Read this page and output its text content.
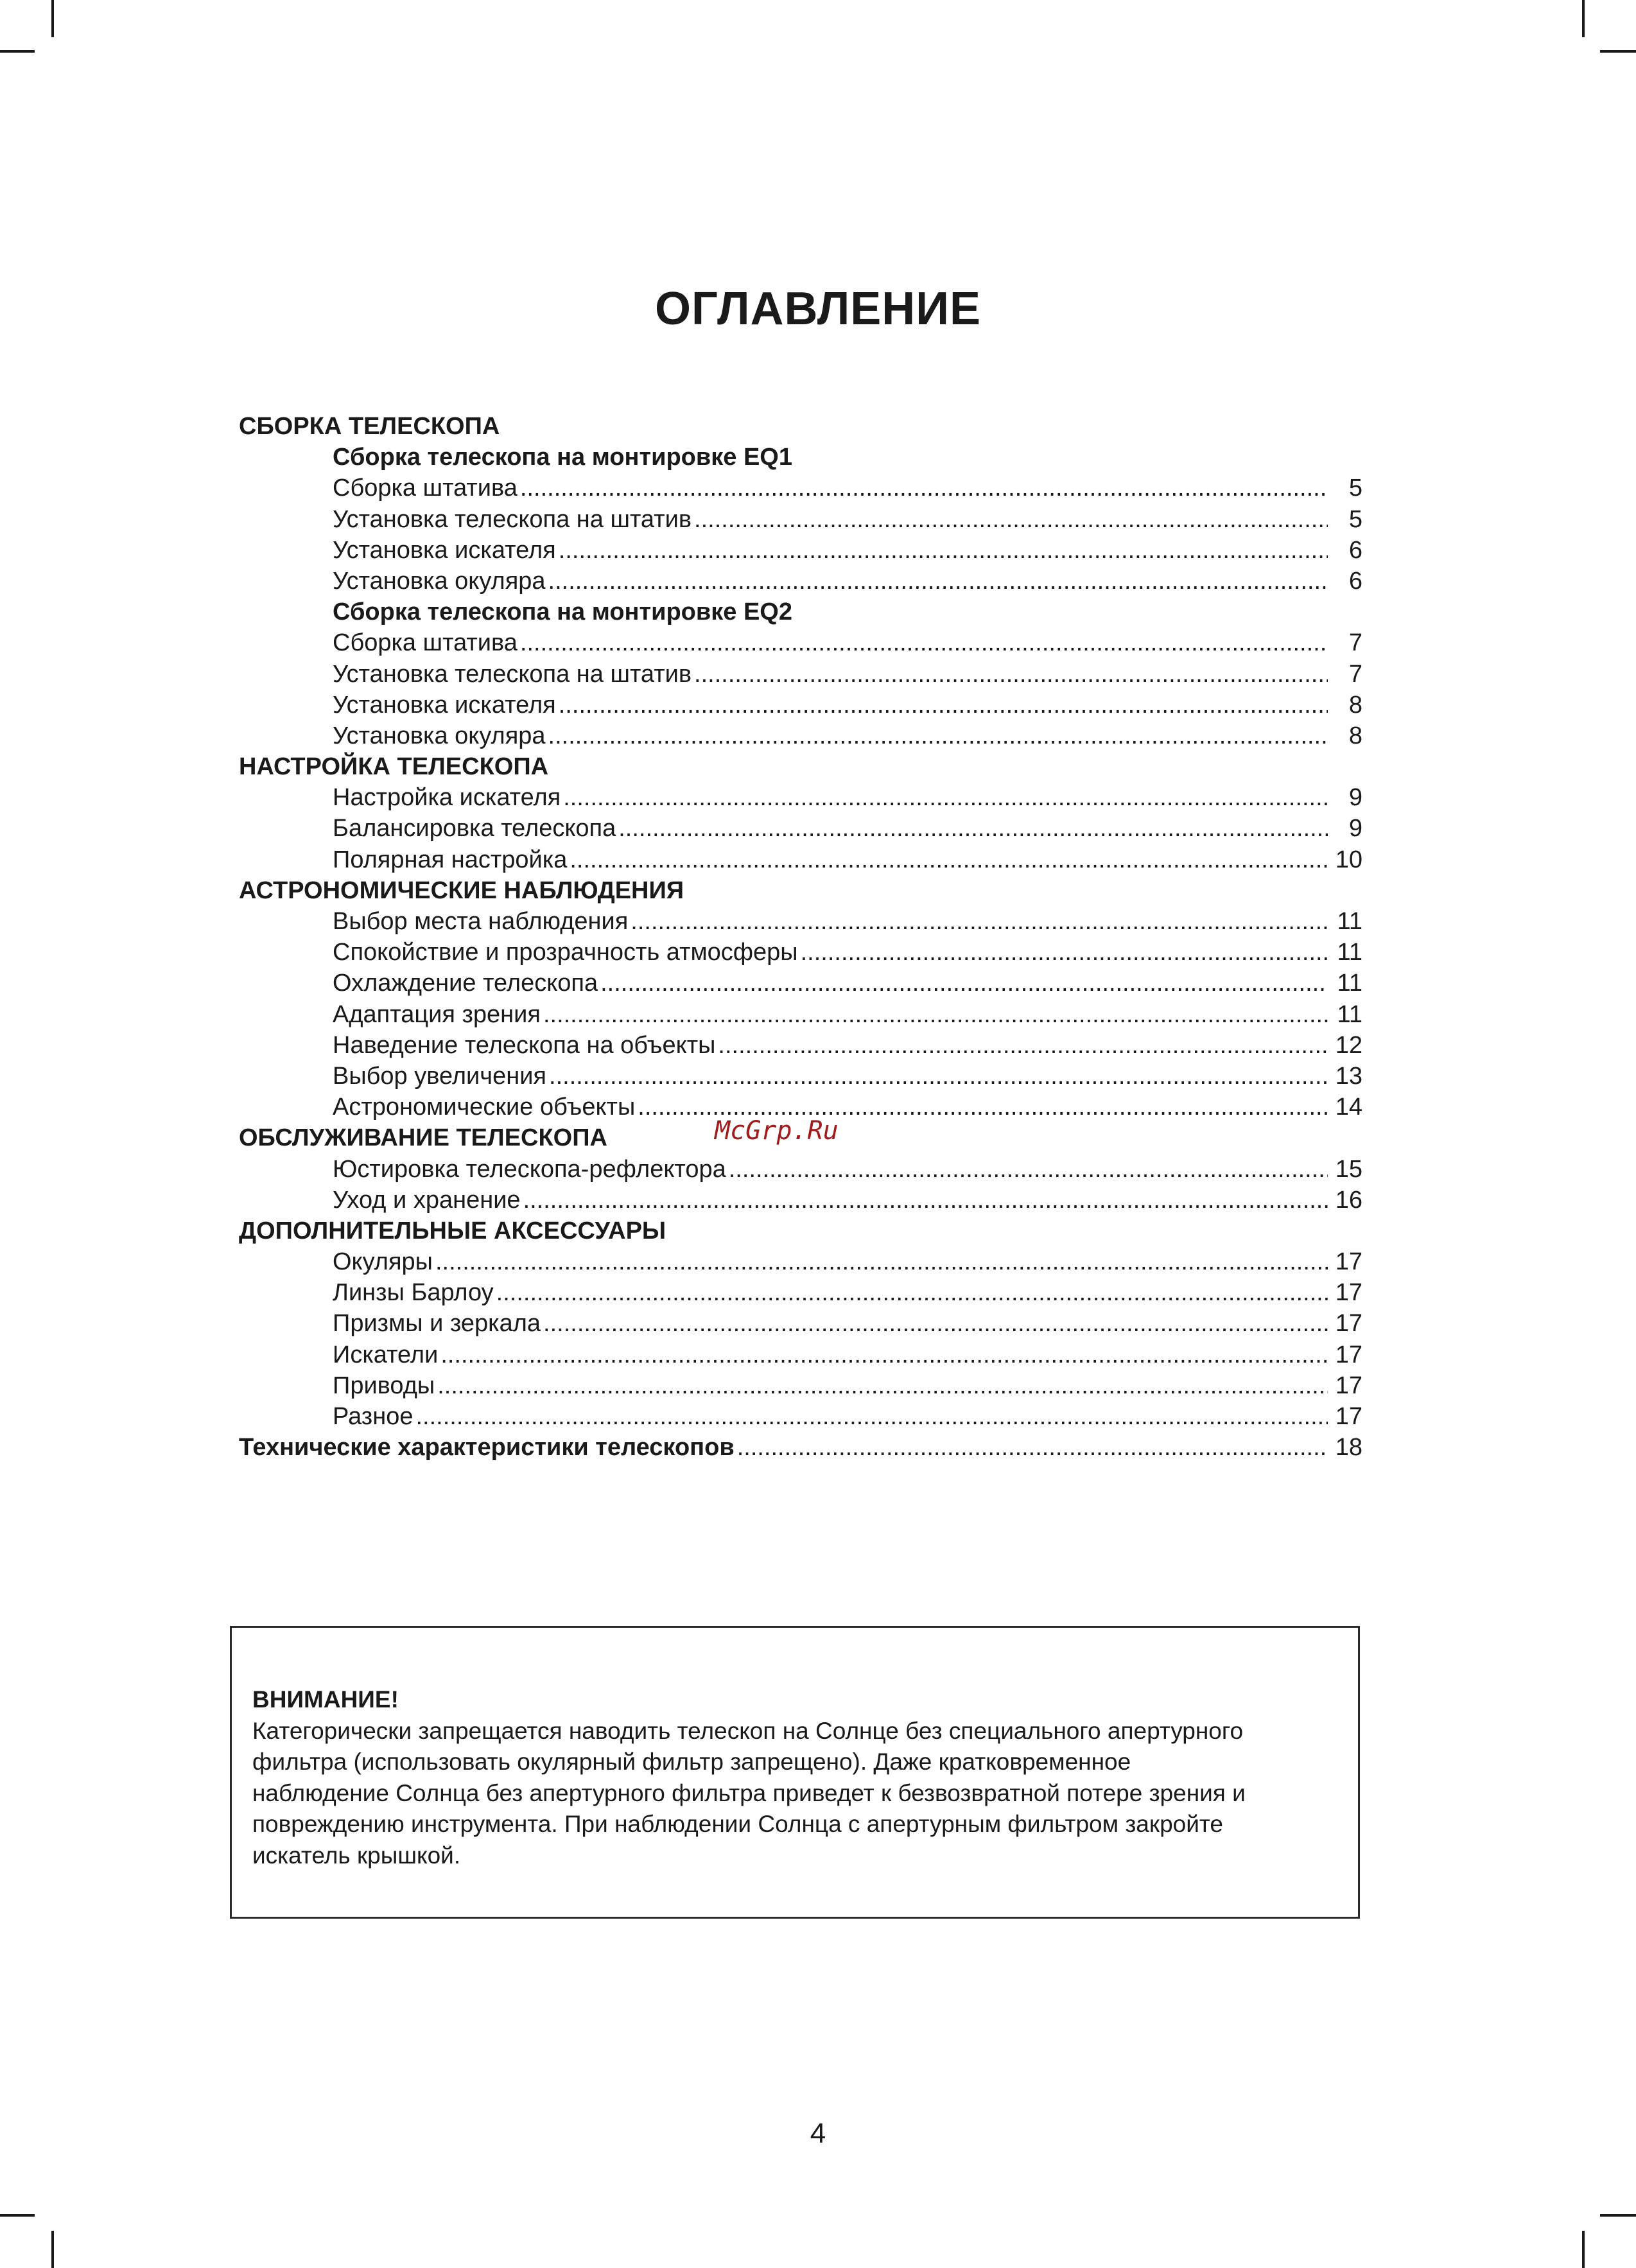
ОГЛАВЛЕНИЕ
СБОРКА ТЕЛЕСКОПА
Сборка телескопа на монтировке EQ1
Сборка штатива .....	5
Установка телескопа на штатив .....	5
Установка искателя .....	6
Установка окуляра .....	6
Сборка телескопа на монтировке EQ2
Сборка штатива .....	7
Установка телескопа на штатив .....	7
Установка искателя .....	8
Установка окуляра .....	8
НАСТРОЙКА ТЕЛЕСКОПА
Настройка искателя .....	9
Балансировка телескопа .....	9
Полярная настройка .....	10
АСТРОНОМИЧЕСКИЕ НАБЛЮДЕНИЯ
Выбор места наблюдения .....	11
Спокойствие и прозрачность атмосферы .....	11
Охлаждение телескопа .....	11
Адаптация зрения .....	11
Наведение телескопа на объекты .....	12
Выбор увеличения .....	13
Астрономические объекты .....	14
ОБСЛУЖИВАНИЕ ТЕЛЕСКОПА
Юстировка телескопа-рефлектора .....	15
Уход и хранение .....	16
ДОПОЛНИТЕЛЬНЫЕ АКСЕССУАРЫ
Окуляры .....	17
Линзы Барлоу .....	17
Призмы и зеркала .....	17
Искатели .....	17
Приводы .....	17
Разное .....	17
Технические характеристики телескопов .....	18
McGrp.Ru
ВНИМАНИЕ!
Категорически запрещается наводить телескоп на Солнце без специального апертурного
фильтра (использовать окулярный фильтр запрещено). Даже кратковременное
наблюдение Солнца без апертурного фильтра приведет к безвозвратной потере зрения и
повреждению инструмента. При наблюдении Солнца с апертурным фильтром закройте
искатель крышкой.
4
